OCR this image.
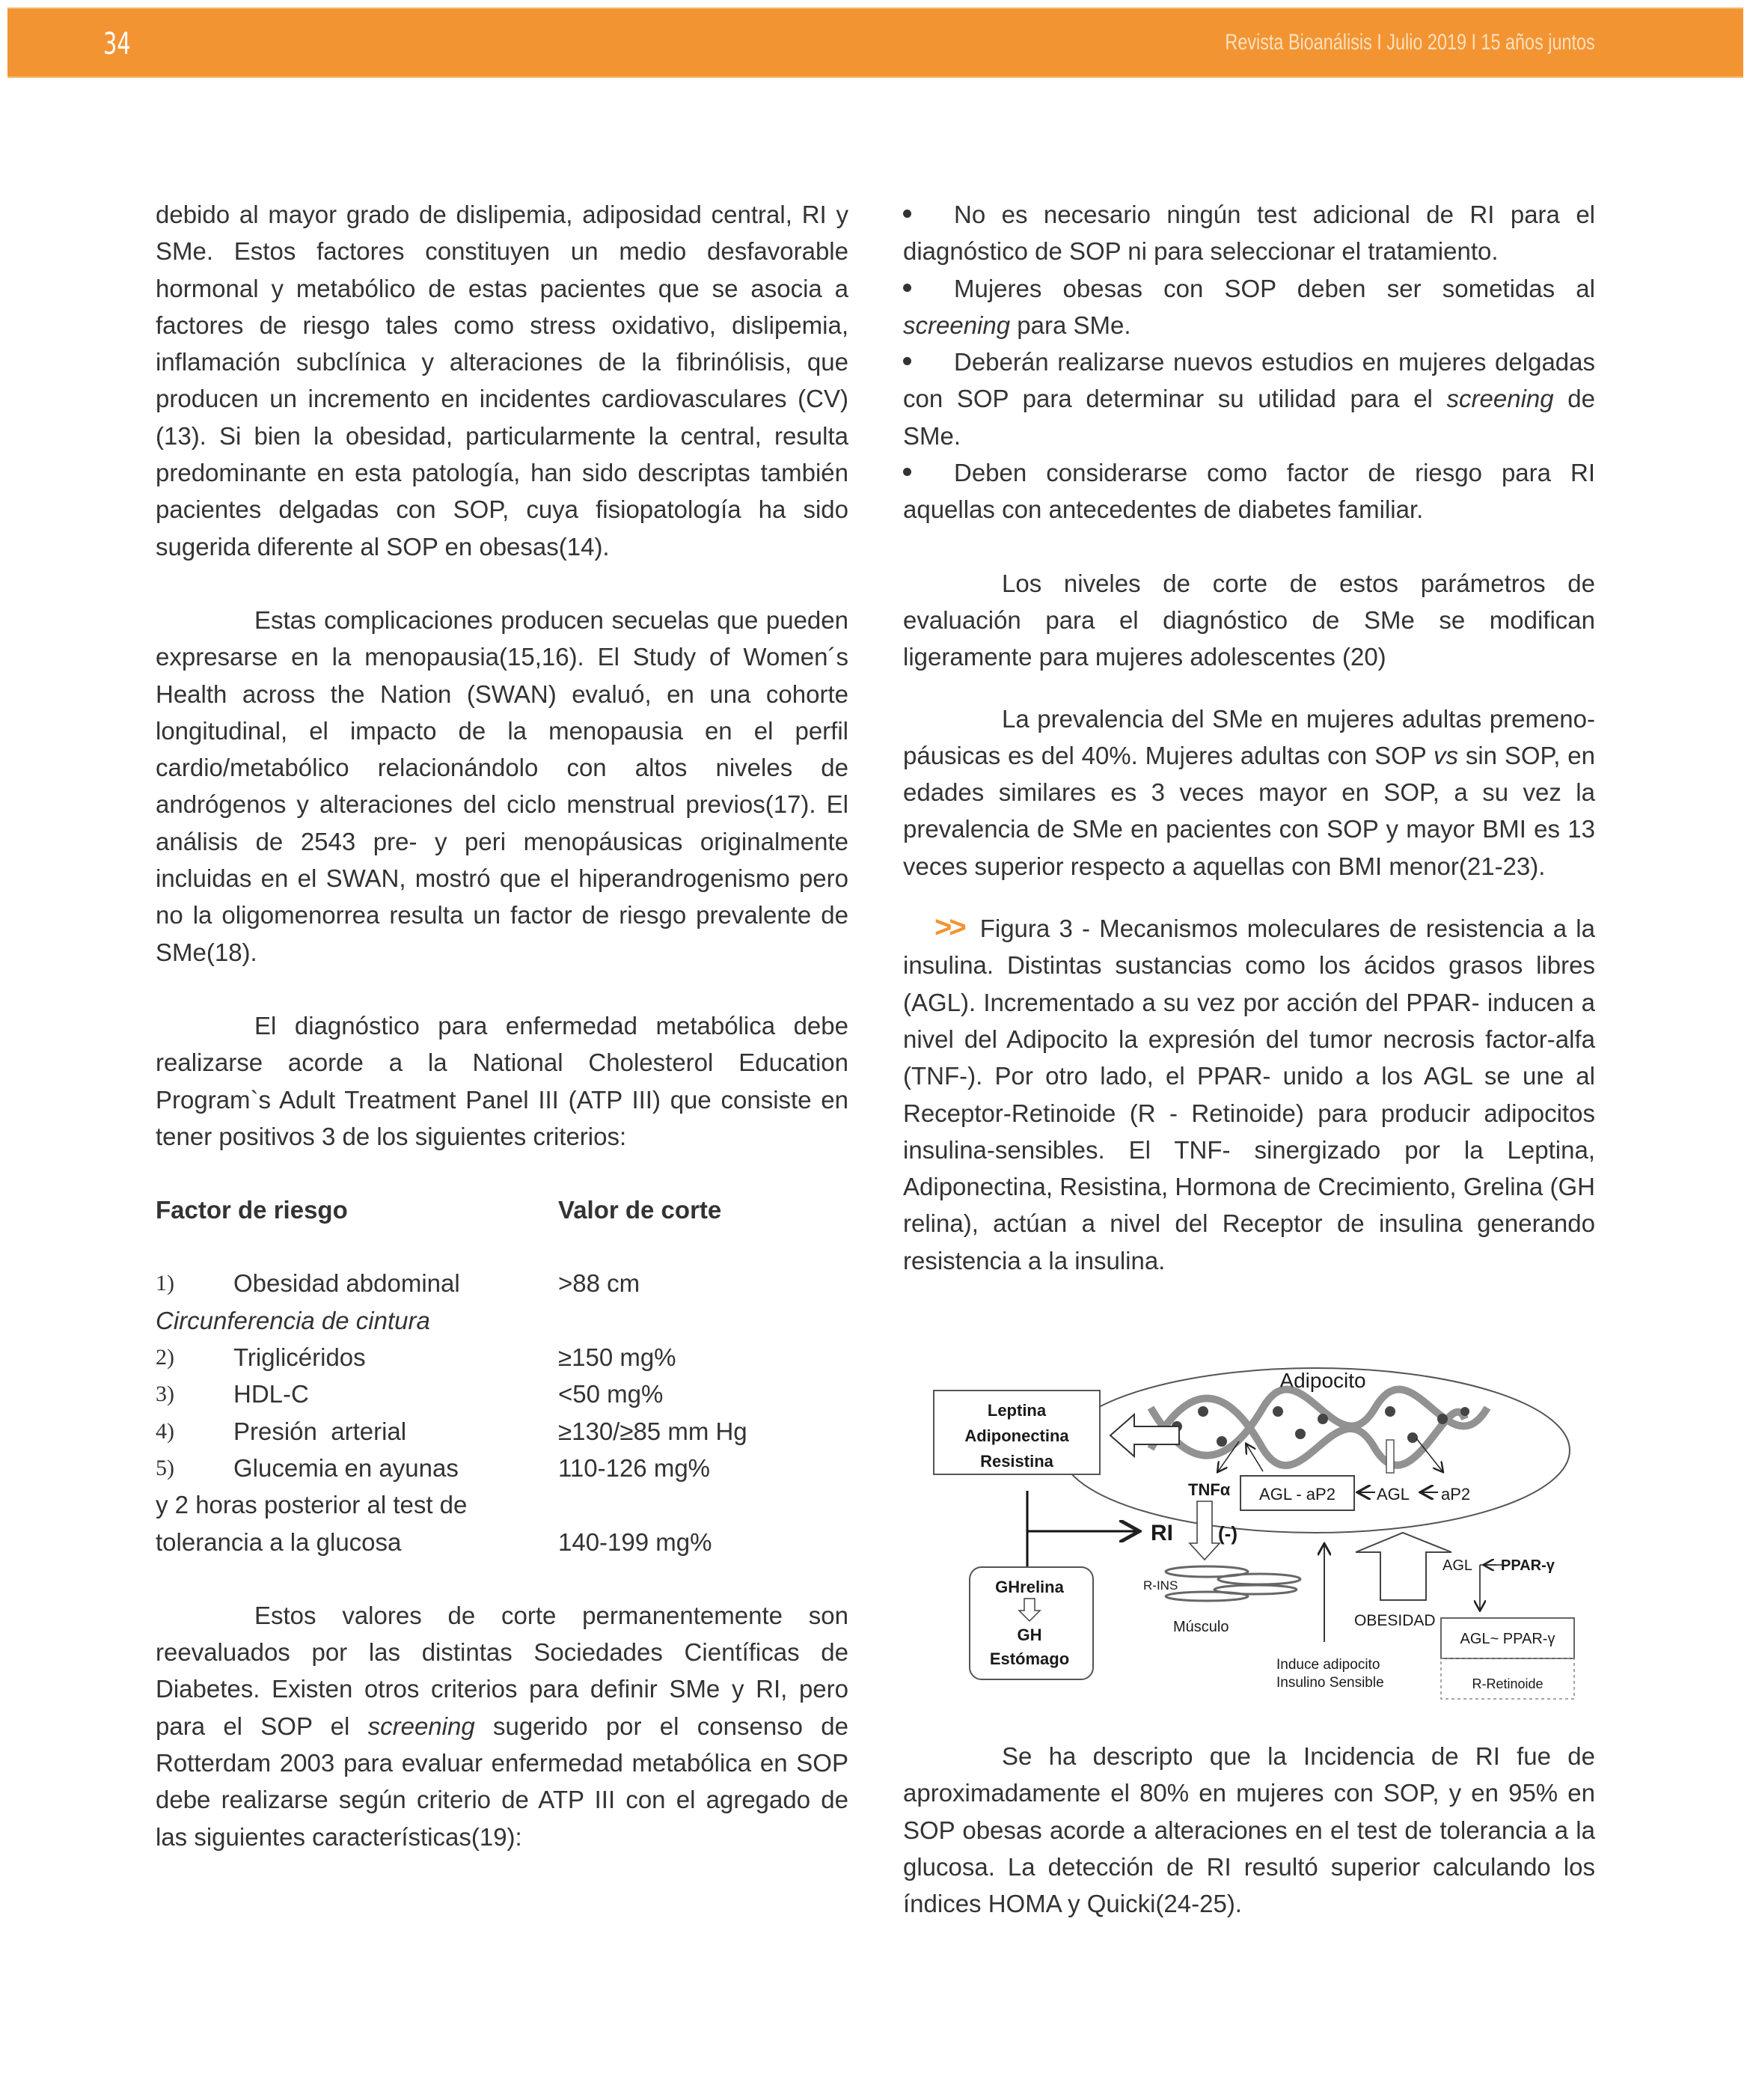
34	Revista Bioanálisis I Julio 2019 I 15 años juntos

debido al mayor grado de dislipemia, adiposidad central, RI y SMe. Estos factores constituyen un medio desfavorable hormonal y metabólico de estas pacientes que se asocia a factores de riesgo tales como stress oxidativo, dislipemia, inflamación subclínica y alteraciones de la fibrinólisis, que producen un incremento en incidentes cardiovasculares (CV)(13). Si bien la obesidad, particularmente la central, resulta predominante en esta patología, han sido descriptas también pacientes delgadas con SOP, cuya fisiopatología ha sido sugerida diferente al SOP en obesas(14).

Estas complicaciones producen secuelas que pueden expresarse en la menopausia(15,16). El Study of Women´s Health across the Nation (SWAN) evaluó, en una cohorte longitudinal, el impacto de la menopausia en el perfil cardio/metabólico relacionándolo con altos niveles de andrógenos y alteraciones del ciclo menstrual previos(17). El análisis de 2543 pre- y peri menopáusicas originalmente incluidas en el SWAN, mostró que el hiperandrogenismo pero no la oligomenorrea resulta un factor de riesgo prevalente de SMe(18).

El diagnóstico para enfermedad metabólica debe realizarse acorde a la National Cholesterol Education Program`s Adult Treatment Panel III (ATP III) que consiste en tener positivos 3 de los siguientes criterios:

Factor de riesgo	Valor de corte
1)	Obesidad abdominal	>88 cm
Circunferencia de cintura
2)	Triglicéridos	≥150 mg%
3)	HDL-C	<50 mg%
4)	Presión  arterial	≥130/≥85 mm Hg
5)	Glucemia en ayunas	110-126 mg%
y 2 horas posterior al test de
tolerancia a la glucosa	140-199 mg%

Estos valores de corte permanentemente son reevaluados por las distintas Sociedades Científicas de Diabetes. Existen otros criterios para definir SMe y RI, pero para el SOP el screening sugerido por el consenso de Rotterdam 2003 para evaluar enfermedad metabólica en SOP debe realizarse según criterio de ATP III con el agregado de las siguientes características(19):

No es necesario ningún test adicional de RI para el diagnóstico de SOP ni para seleccionar el tratamiento.
Mujeres obesas con SOP deben ser sometidas al screening para SMe.
Deberán realizarse nuevos estudios en mujeres delgadas con SOP para determinar su utilidad para el screening de SMe.
Deben considerarse como factor de riesgo para RI aquellas con antecedentes de diabetes familiar.

Los niveles de corte de estos parámetros de evaluación para el diagnóstico de SMe se modifican ligeramente para mujeres adolescentes (20)

La prevalencia del SMe en mujeres adultas premeno- páusicas es del 40%. Mujeres adultas con SOP vs sin SOP, en edades similares es 3 veces mayor en SOP, a su vez la prevalencia de SMe en pacientes con SOP y mayor BMI es 13 veces superior respecto a aquellas con BMI menor(21-23).

>> Figura 3 - Mecanismos moleculares de resistencia a la insulina. Distintas sustancias como los ácidos grasos libres (AGL). Incrementado a su vez por acción del PPAR- inducen a nivel del Adipocito la expresión del tumor necrosis factor-alfa (TNF-). Por otro lado, el PPAR- unido a los AGL se une al Receptor-Retinoide (R - Retinoide) para producir adipocitos insulina-sensibles. El TNF- sinergizado por la Leptina, Adiponectina, Resistina, Hormona de Crecimiento, Grelina (GH relina), actúan a nivel del Receptor de insulina generando resistencia a la insulina.

Adipocito
Leptina
Adiponectina
Resistina
TNFα AGL - aP2	AGL aP2
RI (-)
R-INS
Músculo
GHrelina
GH
Estómago	Induce adipocito
Insulino Sensible
OBESIDAD
AGL PPAR-γ
AGL~ PPAR-γ
R-Retinoide

Se ha descripto que la Incidencia de RI fue de aproximadamente el 80% en mujeres con SOP, y en 95% en SOP obesas acorde a alteraciones en el test de tolerancia a la glucosa. La detección de RI resultó superior calculando los índices HOMA y Quicki(24-25).
